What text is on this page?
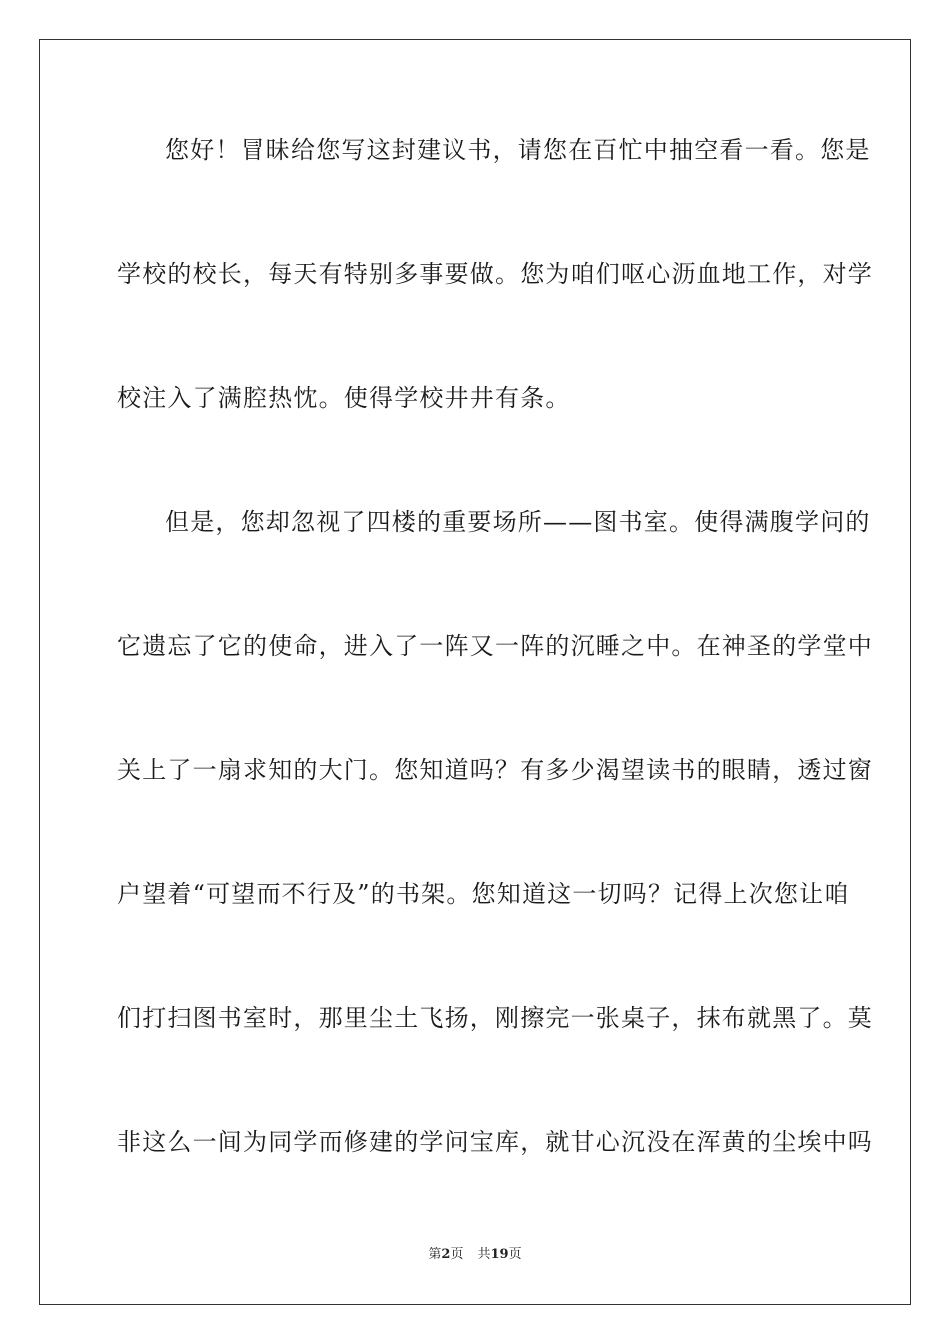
您好！冒昧给您写这封建议书，请您在百忙中抽空看一看。您是
学校的校长，每天有特别多事要做。您为咱们呕心沥血地工作，对学
校注入了满腔热忱。使得学校井井有条。
但是，您却忽视了四楼的重要场所——图书室。使得满腹学问的
它遗忘了它的使命，进入了一阵又一阵的沉睡之中。在神圣的学堂中
关上了一扇求知的大门。您知道吗？有多少渴望读书的眼睛，透过窗
户望着“可望而不行及”的书架。您知道这一切吗？记得上次您让咱
们打扫图书室时，那里尘土飞扬，刚擦完一张桌子，抹布就黑了。莫
非这么一间为同学而修建的学问宝库，就甘心沉没在浑黄的尘埃中吗
第2页 共19页
